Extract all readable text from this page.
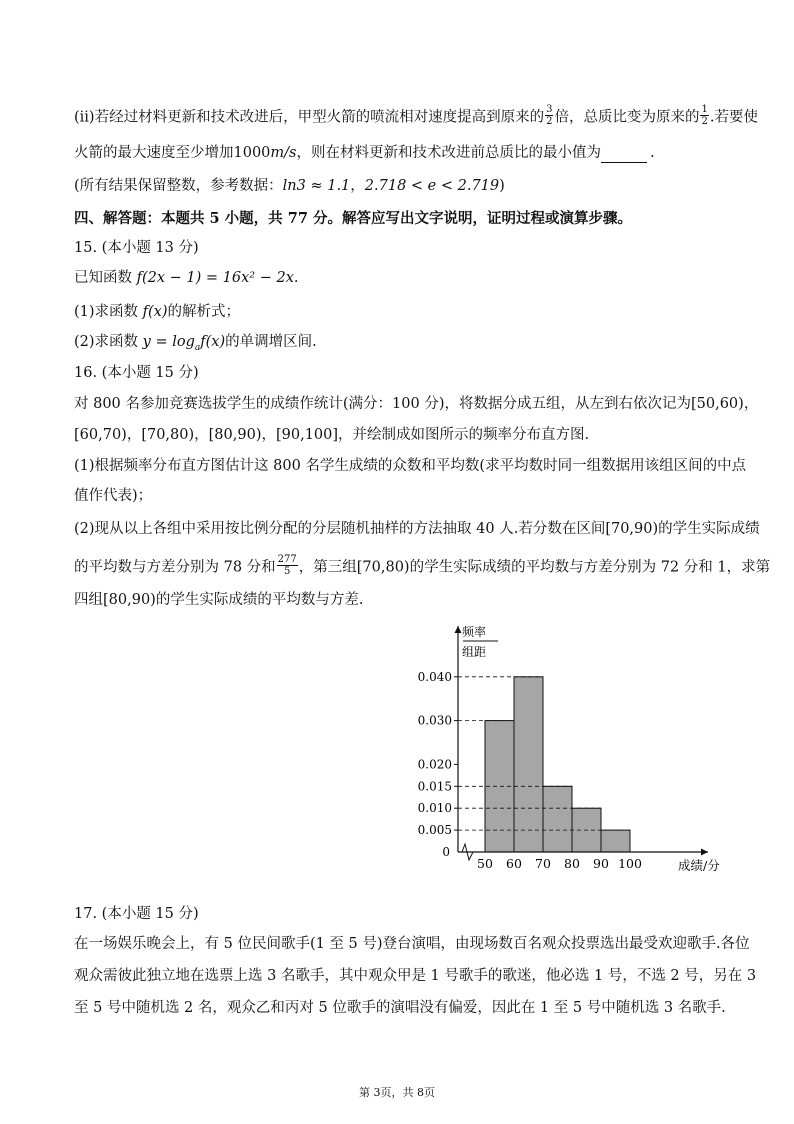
(ii)若经过材料更新和技术改进后，甲型火箭的喷流相对速度提高到原来的 $\frac{3}{2}$ 倍，总质比变为原来的 $\frac{1}{2}$ .若要使
火箭的最大速度至少增加1000m/s，则在材料更新和技术改进前总质比的最小值为	.
(所有结果保留整数，参考数据：ln3 ≈ 1.1，2.718 < e < 2.719)
四、解答题：本题共 5 小题，共 77 分。解答应写出文字说明，证明过程或演算步骤。
15. (本小题 13 分)
已知函数 f(2x − 1) = 16x² − 2x.
(1)求函数 f(x)的解析式；
(2)求函数 $y = \log_af(x)$的单调增区间.
16. (本小题 15 分)
对 800 名参加竞赛选拔学生的成绩作统计(满分：100 分)，将数据分成五组，从左到右依次记为[50,60)，
[60,70)，[70,80)，[80,90)，[90,100]，并绘制成如图所示的频率分布直方图.
(1)根据频率分布直方图估计这 800 名学生成绩的众数和平均数(求平均数时同一组数据用该组区间的中点
值作代表)；
(2)现从以上各组中采用按比例分配的分层随机抽样的方法抽取 40 人.若分数在区间[70,90)的学生实际成绩
的平均数与方差分别为 78 分和 $\frac{277}{5}$ ，第三组[70,80)的学生实际成绩的平均数与方差分别为 72 分和 1，求第
四组[80,90)的学生实际成绩的平均数与方差.
频率
组距
0
成绩/分
0.040
0.030
0.020
0.015
0.010
0.005
50 60 70 80 90 100
17. (本小题 15 分)
在一场娱乐晚会上，有 5 位民间歌手(1 至 5 号)登台演唱，由现场数百名观众投票选出最受欢迎歌手.各位
观众需彼此独立地在选票上选 3 名歌手，其中观众甲是 1 号歌手的歌迷，他必选 1 号，不选 2 号，另在 3
至 5 号中随机选 2 名，观众乙和丙对 5 位歌手的演唱没有偏爱，因此在 1 至 5 号中随机选 3 名歌手.
第 3页，共 8页
